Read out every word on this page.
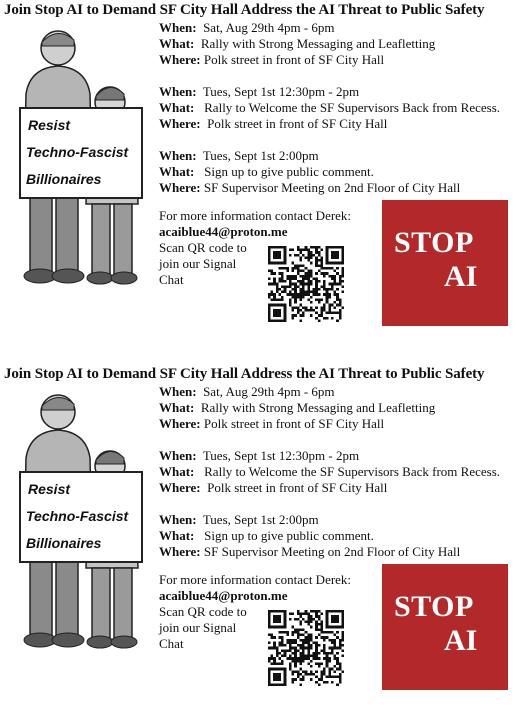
Join Stop AI to Demand SF City Hall Address the AI Threat to Public Safety
Resist
Techno-Fascist
Billionaires
When: Sat, Aug 29th 4pm - 6pm
What: Rally with Strong Messaging and Leafletting
Where: Polk street in front of SF City Hall
When: Tues, Sept 1st 12:30pm - 2pm
What: Rally to Welcome the SF Supervisors Back from Recess.
Where: Polk street in front of SF City Hall
When: Tues, Sept 1st 2:00pm
What: Sign up to give public comment.
Where: SF Supervisor Meeting on 2nd Floor of City Hall
For more information contact Derek:
acaiblue44@proton.me
Scan QR code to join our Signal Chat
STOP
AI
Join Stop AI to Demand SF City Hall Address the AI Threat to Public Safety
Resist
Techno-Fascist
Billionaires
When: Sat, Aug 29th 4pm - 6pm
What: Rally with Strong Messaging and Leafletting
Where: Polk street in front of SF City Hall
When: Tues, Sept 1st 12:30pm - 2pm
What: Rally to Welcome the SF Supervisors Back from Recess.
Where: Polk street in front of SF City Hall
When: Tues, Sept 1st 2:00pm
What: Sign up to give public comment.
Where: SF Supervisor Meeting on 2nd Floor of City Hall
For more information contact Derek:
acaiblue44@proton.me
Scan QR code to join our Signal Chat
STOP
AI
